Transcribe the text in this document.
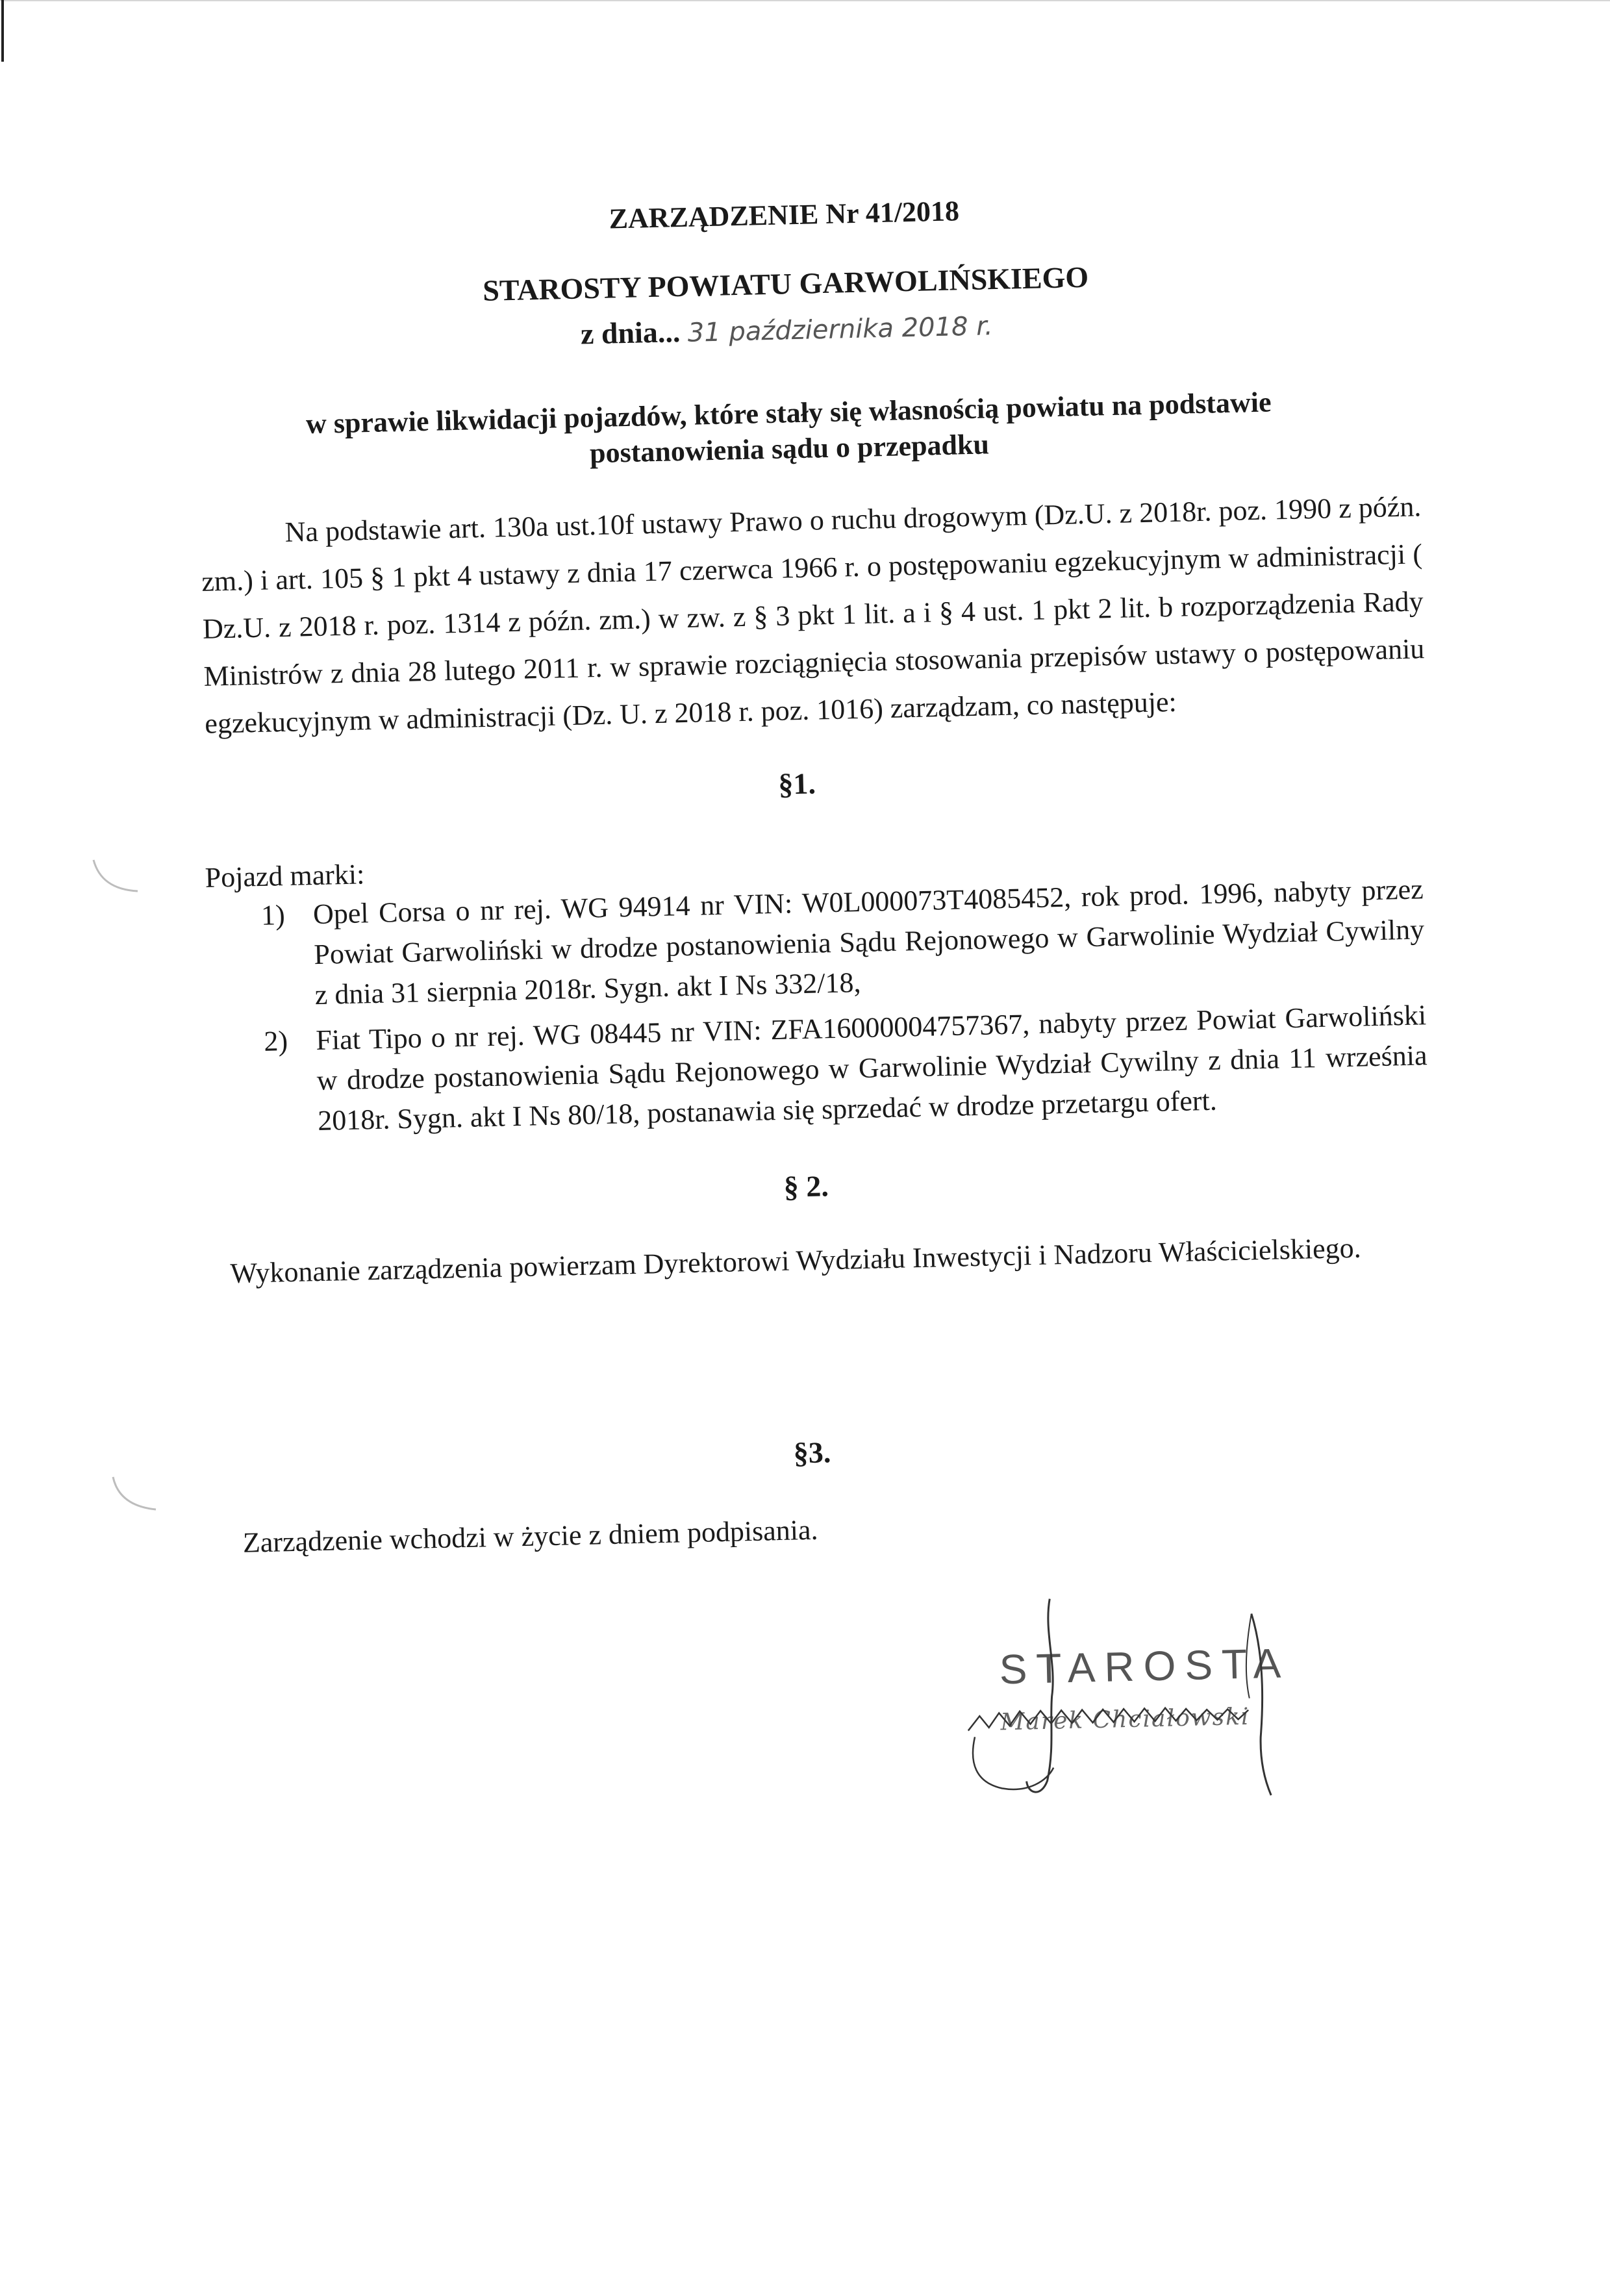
ZARZĄDZENIE Nr 41/2018
STAROSTY POWIATU GARWOLIŃSKIEGO
z dnia... 31 października 2018 r.
w sprawie likwidacji pojazdów, które stały się własnością powiatu na podstawie
postanowienia sądu o przepadku
Na podstawie art. 130a ust.10f ustawy Prawo o ruchu drogowym (Dz.U. z 2018r. poz. 1990 z późn. zm.) i art. 105 § 1 pkt 4 ustawy z dnia 17 czerwca 1966 r. o postępowaniu egzekucyjnym w administracji ( Dz.U. z 2018 r. poz. 1314 z późn. zm.) w zw. z § 3 pkt 1 lit. a i § 4 ust. 1 pkt 2 lit. b rozporządzenia Rady Ministrów z dnia 28 lutego 2011 r. w sprawie rozciągnięcia stosowania przepisów ustawy o postępowaniu egzekucyjnym w administracji (Dz. U. z 2018 r. poz. 1016) zarządzam, co następuje:
§1.
Pojazd marki:
1) Opel Corsa o nr rej. WG 94914 nr VIN: W0L000073T4085452, rok prod. 1996, nabyty przez Powiat Garwoliński w drodze postanowienia Sądu Rejonowego w Garwolinie Wydział Cywilny z dnia 31 sierpnia 2018r. Sygn. akt I Ns 332/18,
2) Fiat Tipo o nr rej. WG 08445 nr VIN: ZFA16000004757367, nabyty przez Powiat Garwoliński w drodze postanowienia Sądu Rejonowego w Garwolinie Wydział Cywilny z dnia 11 września 2018r. Sygn. akt I Ns 80/18, postanawia się sprzedać w drodze przetargu ofert.
§ 2.
Wykonanie zarządzenia powierzam Dyrektorowi Wydziału Inwestycji i Nadzoru Właścicielskiego.
§3.
Zarządzenie wchodzi w życie z dniem podpisania.
STAROSTA
Marek Chciałowski
